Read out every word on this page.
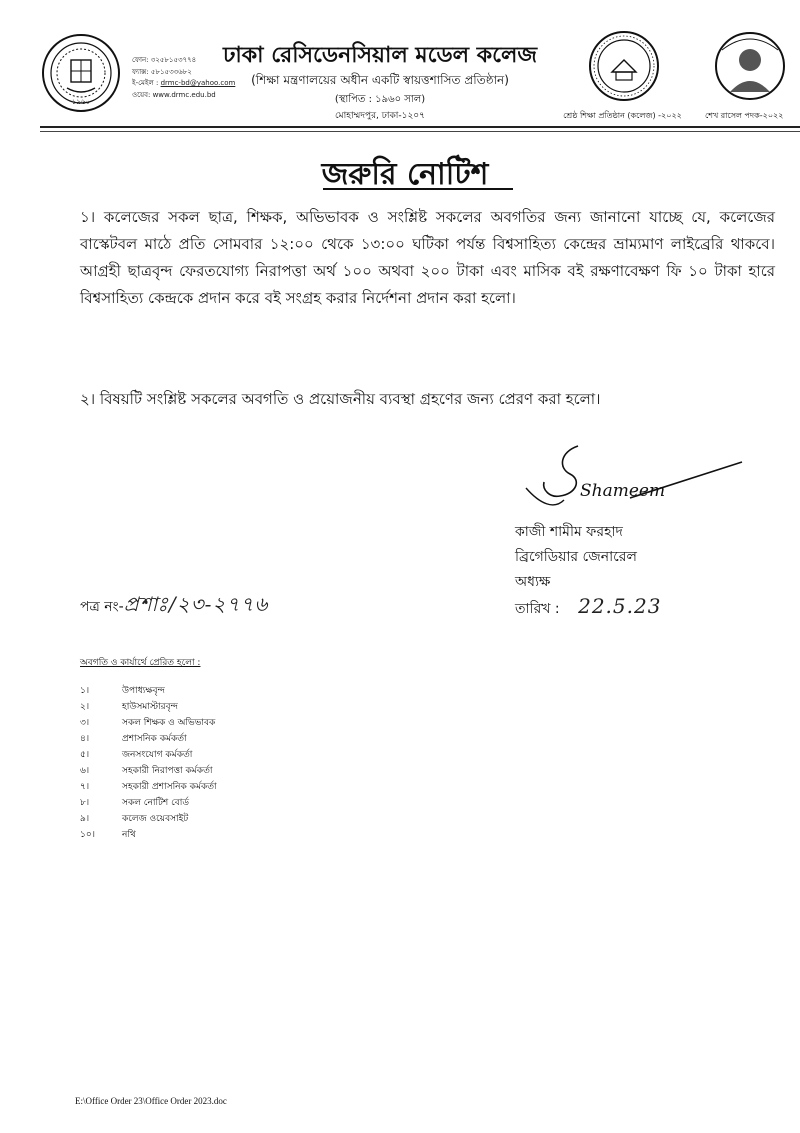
১৯৬০
ফোন: ৩২৫৮১৫৩৭৭৪
ফ্যাক্স: ৫৮১৫৩৩৬৮২
ই-মেইল : drmc-bd@yahoo.com
ওয়েব: www.drmc.edu.bd
ঢাকা রেসিডেনসিয়াল মডেল কলেজ
(শিক্ষা মন্ত্রণালয়ের অধীন একটি স্বায়ত্তশাসিত প্রতিষ্ঠান)
(স্থাপিত : ১৯৬০ সাল)
মোহাম্মদপুর, ঢাকা-১২০৭	শ্রেষ্ঠ শিক্ষা প্রতিষ্ঠান (কলেজ) -২০২২	শেখ রাসেল পদক-২০২২
জরুরি নোটিশ
১। কলেজের সকল ছাত্র, শিক্ষক, অভিভাবক ও সংশ্লিষ্ট সকলের অবগতির জন্য জানানো যাচ্ছে যে, কলেজের বাস্কেটবল মাঠে প্রতি সোমবার ১২:০০ থেকে ১৩:০০ ঘটিকা পর্যন্ত বিশ্বসাহিত্য কেন্দ্রের ভ্রাম্যমাণ লাইব্রেরি থাকবে। আগ্রহী ছাত্রবৃন্দ ফেরতযোগ্য নিরাপত্তা অর্থ ১০০ অথবা ২০০ টাকা এবং মাসিক বই রক্ষণাবেক্ষণ ফি ১০ টাকা হারে বিশ্বসাহিত্য কেন্দ্রকে প্রদান করে বই সংগ্রহ করার নির্দেশনা প্রদান করা হলো।
২। বিষয়টি সংশ্লিষ্ট সকলের অবগতি ও প্রয়োজনীয় ব্যবস্থা গ্রহণের জন্য প্রেরণ করা হলো।
Shameem
কাজী শামীম ফরহাদ
ব্রিগেডিয়ার জেনারেল
অধ্যক্ষ
পত্র নং-প্রশাঃ/২৩-২৭৭৬	তারিখ : 22.5.23
অবগতি ও কার্যার্থে প্রেরিত হলো :
১।	উপাধ্যক্ষবৃন্দ
২।	হাউসমাস্টারবৃন্দ
৩।	সকল শিক্ষক ও অভিভাবক
৪।	প্রশাসনিক কর্মকর্তা
৫।	জনসংযোগ কর্মকর্তা
৬।	সহকারী নিরাপত্তা কর্মকর্তা
৭।	সহকারী প্রশাসনিক কর্মকর্তা
৮।	সকল নোটিশ বোর্ড
৯।	কলেজ ওয়েবসাইট
১০।	নথি
E:\Office Order 23\Office Order 2023.doc
